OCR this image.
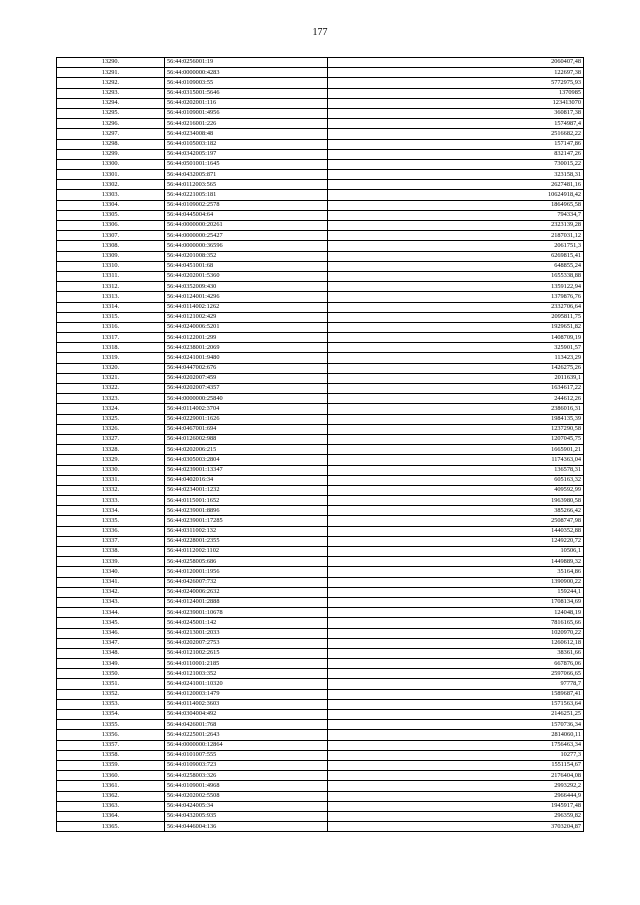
177
13290.	56:44:0256001:19	2060407,48
13291.	56:44:0000000:4283	122697,38
13292.	56:44:0109003:55	5772975,93
13293.	56:44:0315001:5646	1370985
13294.	56:44:0202001:116	123413070
13295.	56:44:0109001:4956	360817,38
13296.	56:44:0216001:226	1574987,4
13297.	56:44:0234008:48	2516682,22
13298.	56:44:0105003:182	157147,86
13299.	56:44:0342005:197	832147,26
13300.	56:44:0501001:1645	730015,22
13301.	56:44:0432005:871	323158,31
13302.	56:44:0112003:565	2627481,16
13303.	56:44:0221005:181	10624918,42
13304.	56:44:0109002:2578	1864965,58
13305.	56:44:0445004:64	794334,7
13306.	56:44:0000000:20261	2323139,28
13307.	56:44:0000000:25427	2187031,12
13308.	56:44:0000000:36596	2061751,3
13309.	56:44:0201008:352	6269815,41
13310.	56:44:0451001:68	648855,24
13311.	56:44:0202001:5360	1655338,88
13312.	56:44:0352009:430	1359122,94
13313.	56:44:0124001:4296	1379876,76
13314.	56:44:0114002:1262	2332706,64
13315.	56:44:0121002:429	2095811,75
13316.	56:44:0240006:5201	1929651,82
13317.	56:44:0122001:299	1408709,19
13318.	56:44:0238001:2069	325901,57
13319.	56:44:0241001:9480	113423,29
13320.	56:44:0447002:676	1426275,26
13321.	56:44:0202007:459	2011639,1
13322.	56:44:0202007:4357	1634617,22
13323.	56:44:0000000:25840	244612,26
13324.	56:44:0114002:3704	2386016,31
13325.	56:44:0229001:1626	1984135,39
13326.	56:44:0467001:694	1237290,58
13327.	56:44:0126002:988	1207045,75
13328.	56:44:0202006:215	1665901,21
13329.	56:44:0305003:2804	1174363,04
13330.	56:44:0239001:13347	136578,31
13331.	56:44:0402016:34	605163,32
13332.	56:44:0234001:1232	409592,99
13333.	56:44:0115001:1652	1963980,58
13334.	56:44:0239001:8896	385266,42
13335.	56:44:0239001:17285	2508747,98
13336.	56:44:0311002:132	1440352,88
13337.	56:44:0228001:2355	1249220,72
13338.	56:44:0112002:1102	10506,1
13339.	56:44:0258005:686	1449889,32
13340.	56:44:0120001:1956	35164,86
13341.	56:44:0426007:732	1390900,22
13342.	56:44:0240006:2632	159244,1
13343.	56:44:0124001:2888	1708134,69
13344.	56:44:0239001:10678	124048,19
13345.	56:44:0245001:142	7816165,66
13346.	56:44:0213001:2033	1020970,22
13347.	56:44:0202007:2753	1260612,18
13348.	56:44:0121002:2615	38361,66
13349.	56:44:0110001:2185	667876,06
13350.	56:44:0121003:352	2597066,65
13351.	56:44:0241001:10320	97778,7
13352.	56:44:0120003:1479	1589687,41
13353.	56:44:0114002:3603	1571563,64
13354.	56:44:0304004:492	2146251,25
13355.	56:44:0426001:768	1570736,34
13356.	56:44:0225001:2643	2814060,11
13357.	56:44:0000000:12864	1756463,34
13358.	56:44:0101007:555	10277,3
13359.	56:44:0109003:723	1551154,67
13360.	56:44:0258003:326	2176404,08
13361.	56:44:0109001:4968	2993292,2
13362.	56:44:0202002:5508	2966444,9
13363.	56:44:0424005:34	1945917,48
13364.	56:44:0432005:935	296359,82
13365.	56:44:0446004:136	3703204,87
